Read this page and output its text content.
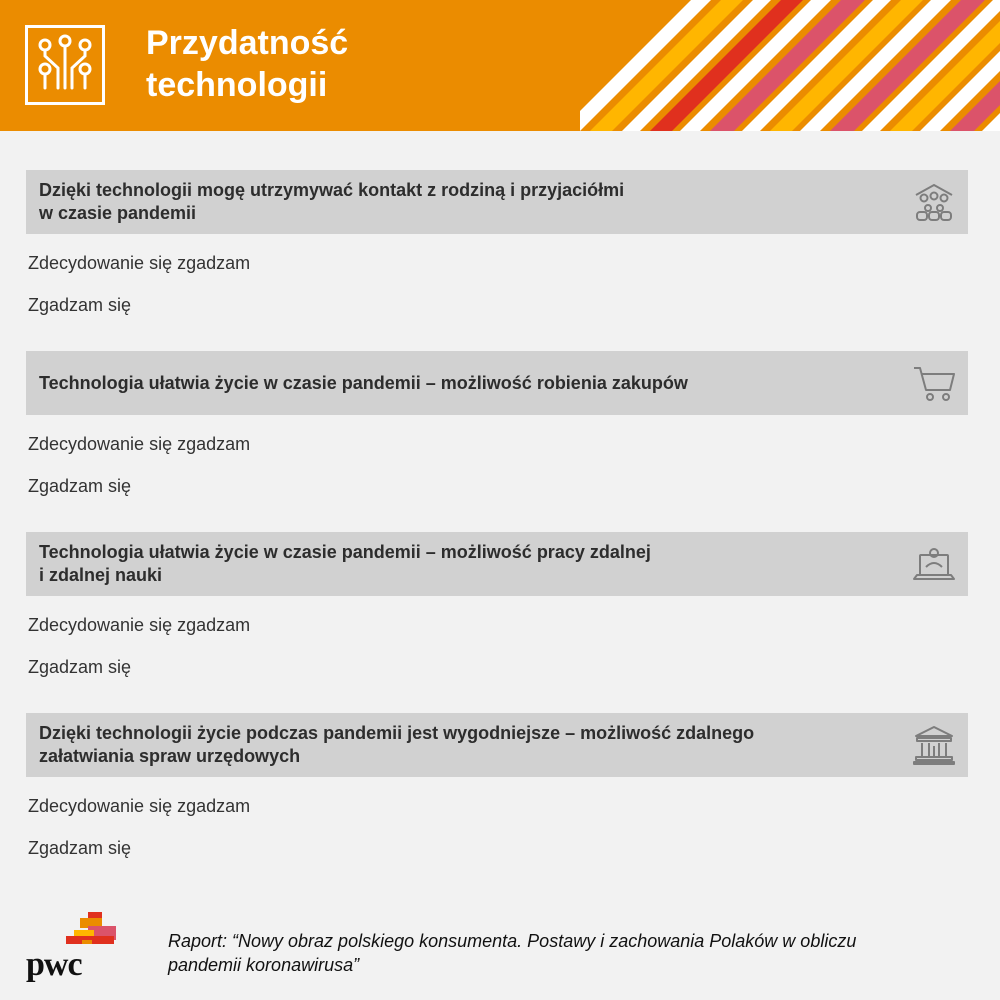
Przydatność
technologii
Dzięki technologii mogę utrzymywać kontakt z rodziną i przyjaciółmi
w czasie pandemii
Zdecydowanie się zgadzam
Zgadzam się
Technologia ułatwia życie w czasie pandemii – możliwość robienia zakupów
Zdecydowanie się zgadzam
Zgadzam się
Technologia ułatwia życie w czasie pandemii – możliwość pracy zdalnej
i zdalnej nauki
Zdecydowanie się zgadzam
Zgadzam się
Dzięki technologii życie podczas pandemii jest wygodniejsze – możliwość zdalnego
załatwiania spraw urzędowych
Zdecydowanie się zgadzam
Zgadzam się
pwc
Raport: “Nowy obraz polskiego konsumenta. Postawy i zachowania Polaków w obliczu
pandemii koronawirusa”
